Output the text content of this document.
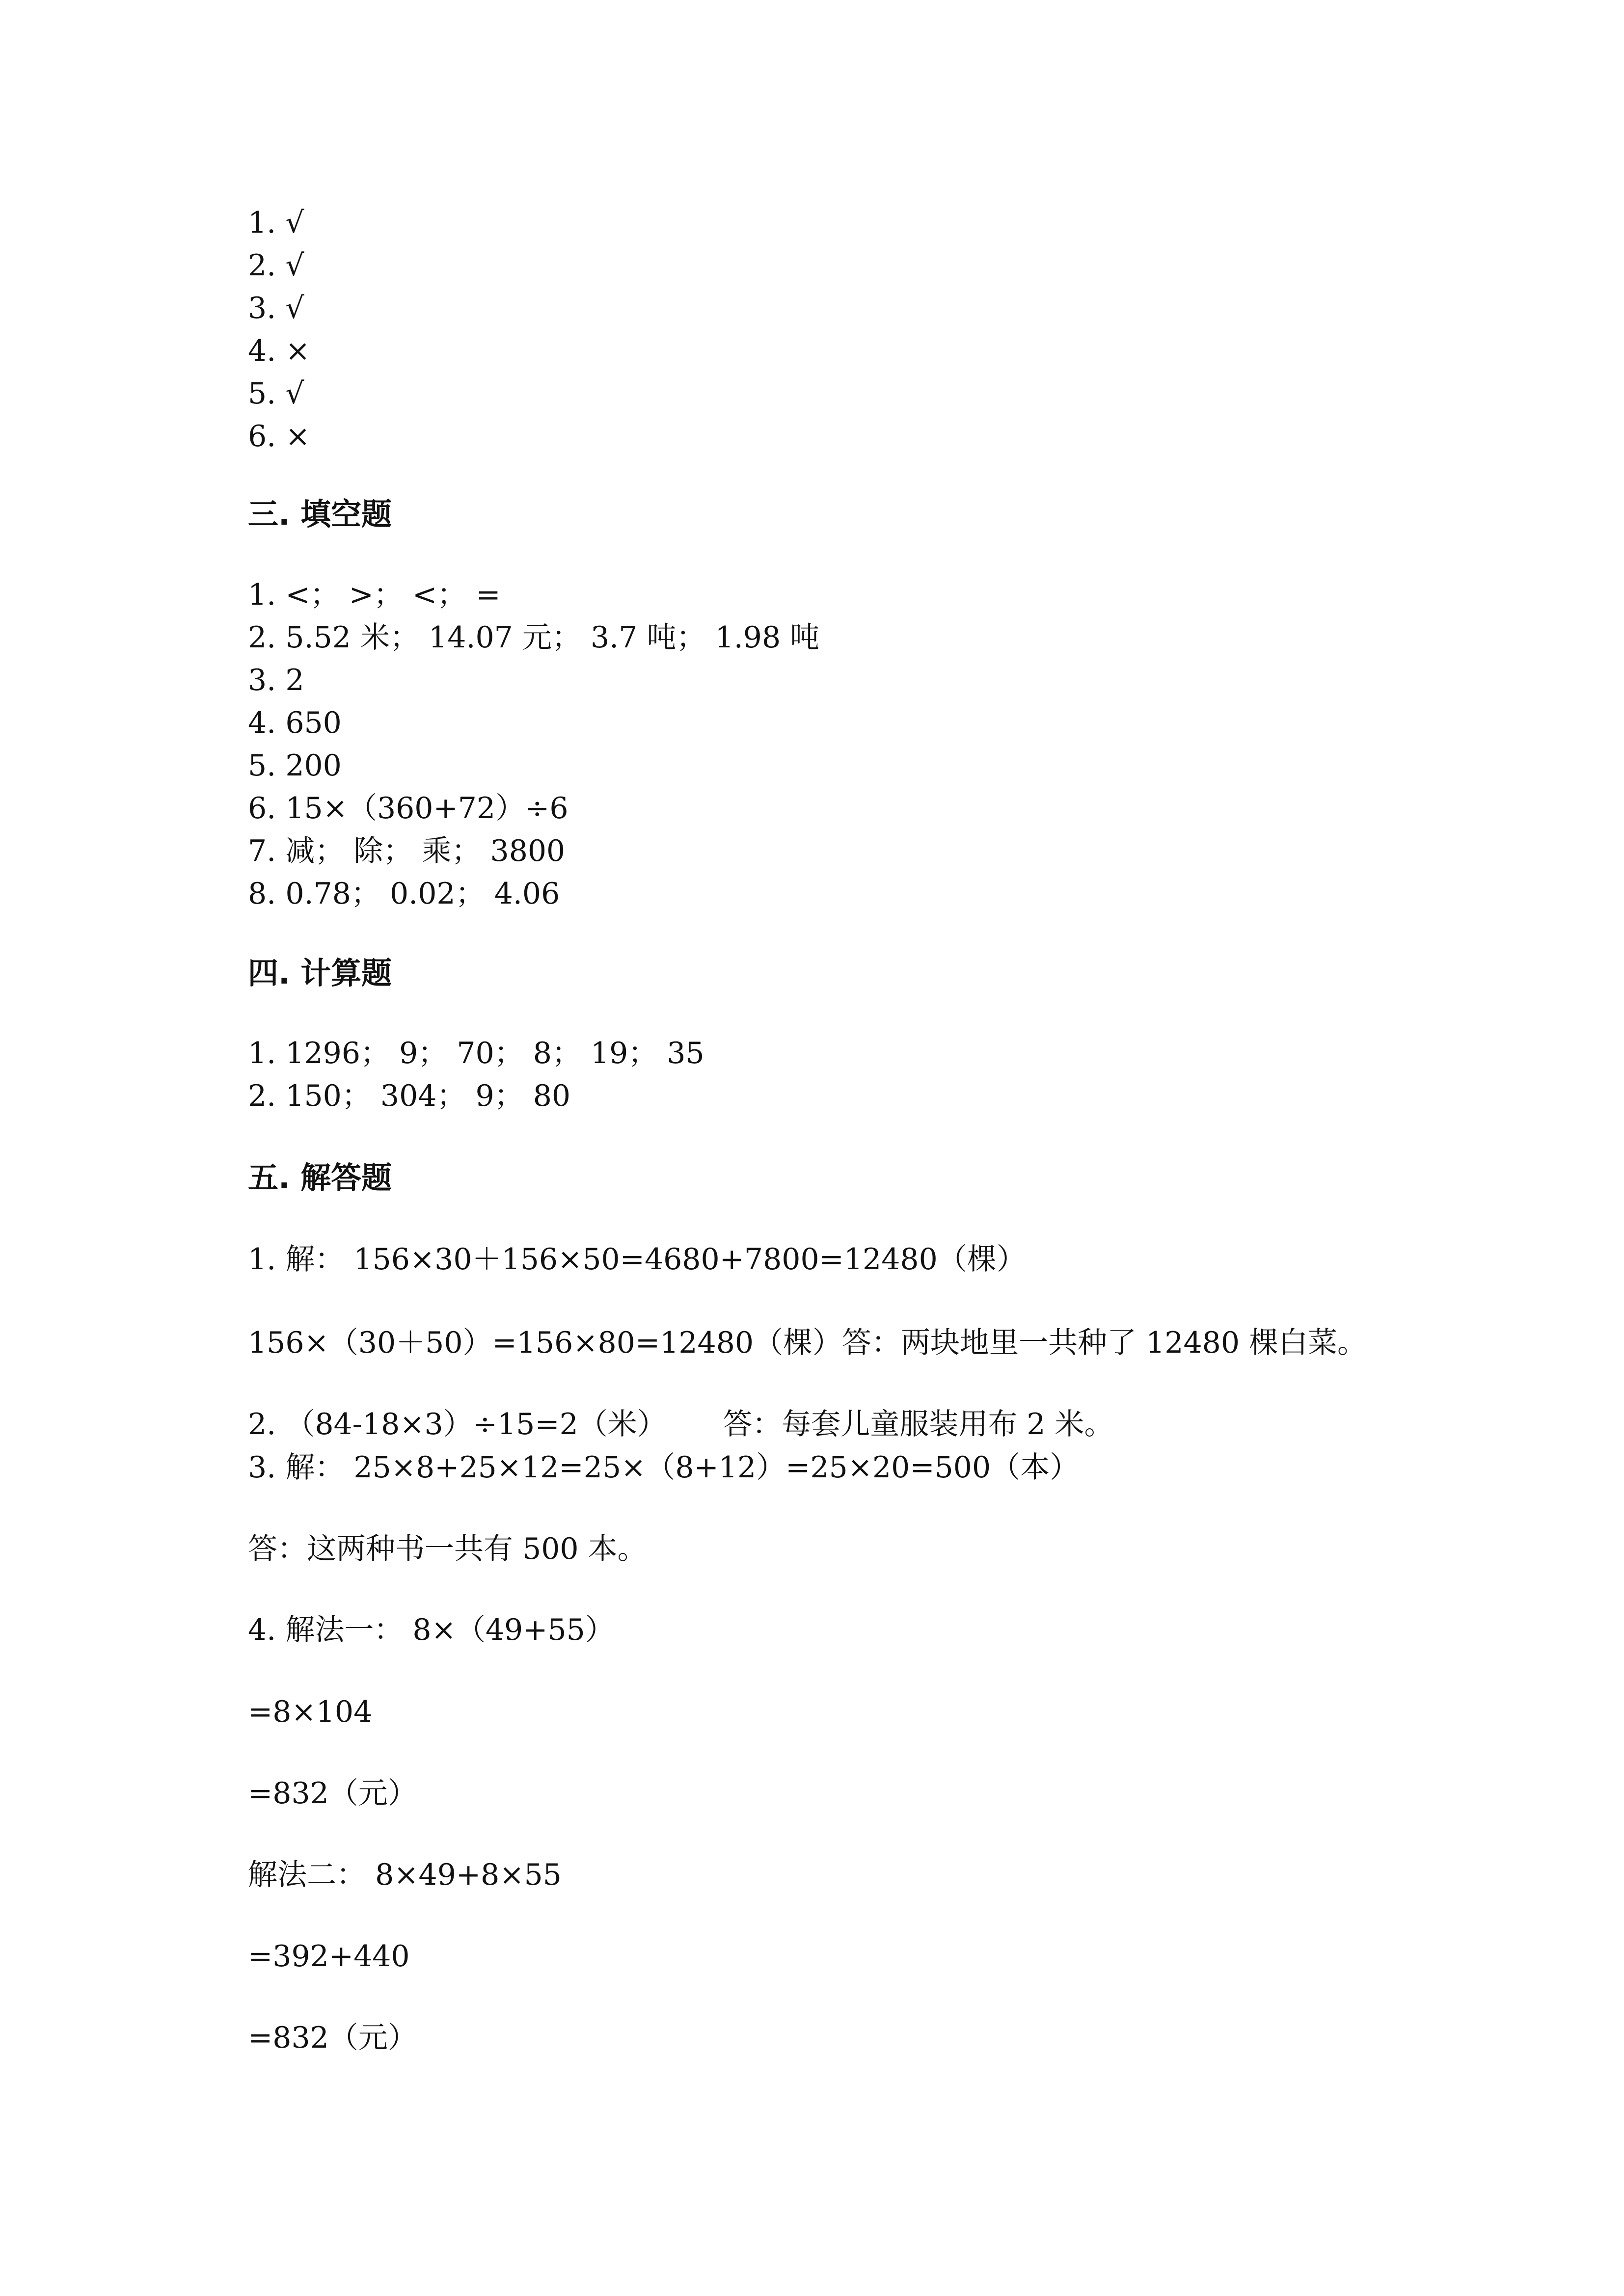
1. √

2. √

3. √

4. ×

5. √

6. ×

三. 填空题

1. <； >； <； =

2. 5.52 米； 14.07 元； 3.7 吨； 1.98 吨

3. 2

4. 650

5. 200

6. 15×（360+72）÷6

7. 减； 除； 乘； 3800

8. 0.78； 0.02； 4.06

四. 计算题

1. 1296； 9； 70； 8； 19； 35

2. 150； 304； 9； 80

五. 解答题

1. 解： 156×30＋156×50=4680+7800=12480（棵）

156×（30＋50）=156×80=12480（棵）答：两块地里一共种了 12480 棵白菜。

2. （84-18×3）÷15=2（米）      答：每套儿童服装用布 2 米。

3. 解： 25×8+25×12=25×（8+12）=25×20=500（本）

答：这两种书一共有 500 本。

4. 解法一： 8×（49+55）

=8×104

=832（元）

解法二： 8×49+8×55

=392+440

=832（元）
